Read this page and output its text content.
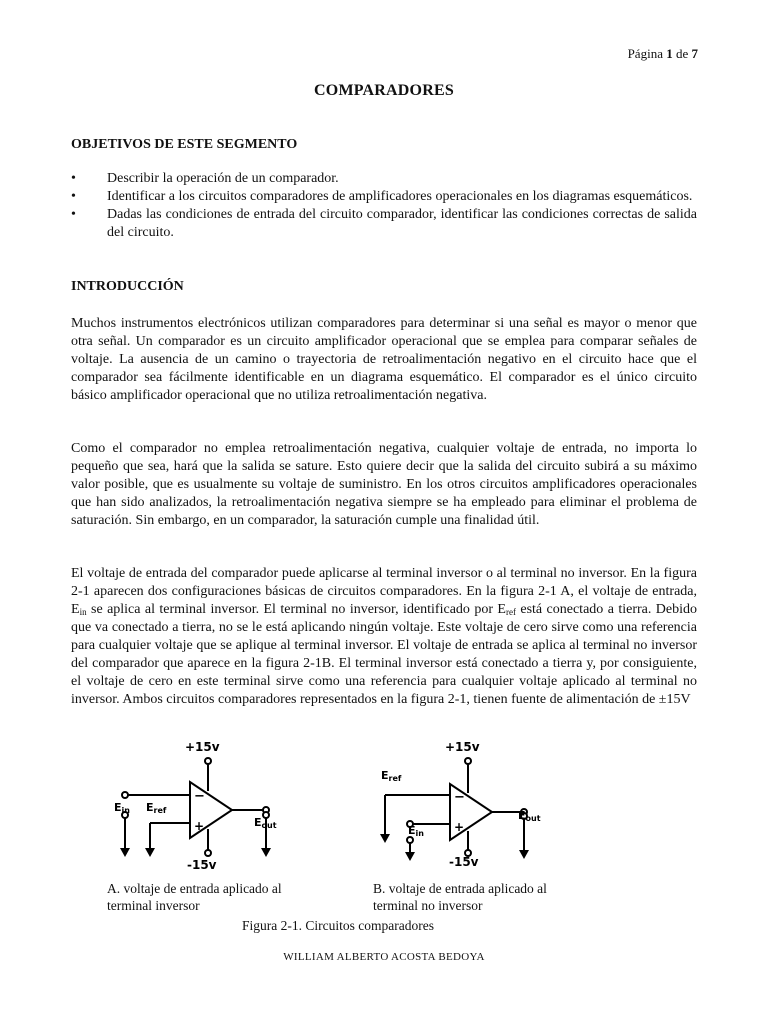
Página 1 de 7
COMPARADORES
OBJETIVOS DE ESTE SEGMENTO
•	Describir la operación de un comparador.
•	Identificar a los circuitos comparadores de amplificadores operacionales en los diagramas esquemáticos.
•	Dadas las condiciones de entrada del circuito comparador, identificar las condiciones correctas de salida del circuito.
INTRODUCCIÓN
Muchos instrumentos electrónicos utilizan comparadores para determinar si una señal es mayor o menor que otra señal. Un comparador es un circuito amplificador operacional que se emplea para comparar señales de voltaje. La ausencia de un camino o trayectoria de retroalimentación negativo en el circuito hace que el comparador sea fácilmente identificable en un diagrama esquemático. El comparador es el único circuito básico amplificador operacional que no utiliza retroalimentación negativa.
Como el comparador no emplea retroalimentación negativa, cualquier voltaje de entrada, no importa lo pequeño que sea, hará que la salida se sature. Esto quiere decir que la salida del circuito subirá a su máximo valor posible, que es usualmente su voltaje de suministro. En los otros circuitos amplificadores operacionales que han sido analizados, la retroalimentación negativa siempre se ha empleado para eliminar el problema de saturación. Sin embargo, en un comparador, la saturación cumple una finalidad útil.
El voltaje de entrada del comparador puede aplicarse al terminal inversor o al terminal no inversor. En la figura 2-1 aparecen dos configuraciones básicas de circuitos comparadores. En la figura 2-1 A, el voltaje de entrada, $E_{in}$ se aplica al terminal inversor. El terminal no inversor, identificado por $E_{ref}$ está conectado a tierra. Debido que va conectado a tierra, no se le está aplicando ningún voltaje. Este voltaje de cero sirve como una referencia para cualquier voltaje que se aplique al terminal inversor. El voltaje de entrada se aplica al terminal no inversor del comparador que aparece en la figura 2-1B. El terminal inversor está conectado a tierra y, por consiguiente, el voltaje de cero en este terminal sirve como una referencia para cualquier voltaje aplicado al terminal no inversor. Ambos circuitos comparadores representados en la figura 2-1, tienen fuente de alimentación de ±15V
+15v
-15v
−
+
Ein Eref
Eout
+15v
-15v
−
+
Eref
Ein
Eout
A. voltaje de entrada aplicado al
terminal inversor
B. voltaje de entrada aplicado al
terminal no inversor
Figura 2-1. Circuitos comparadores
WILLIAM ALBERTO ACOSTA BEDOYA
